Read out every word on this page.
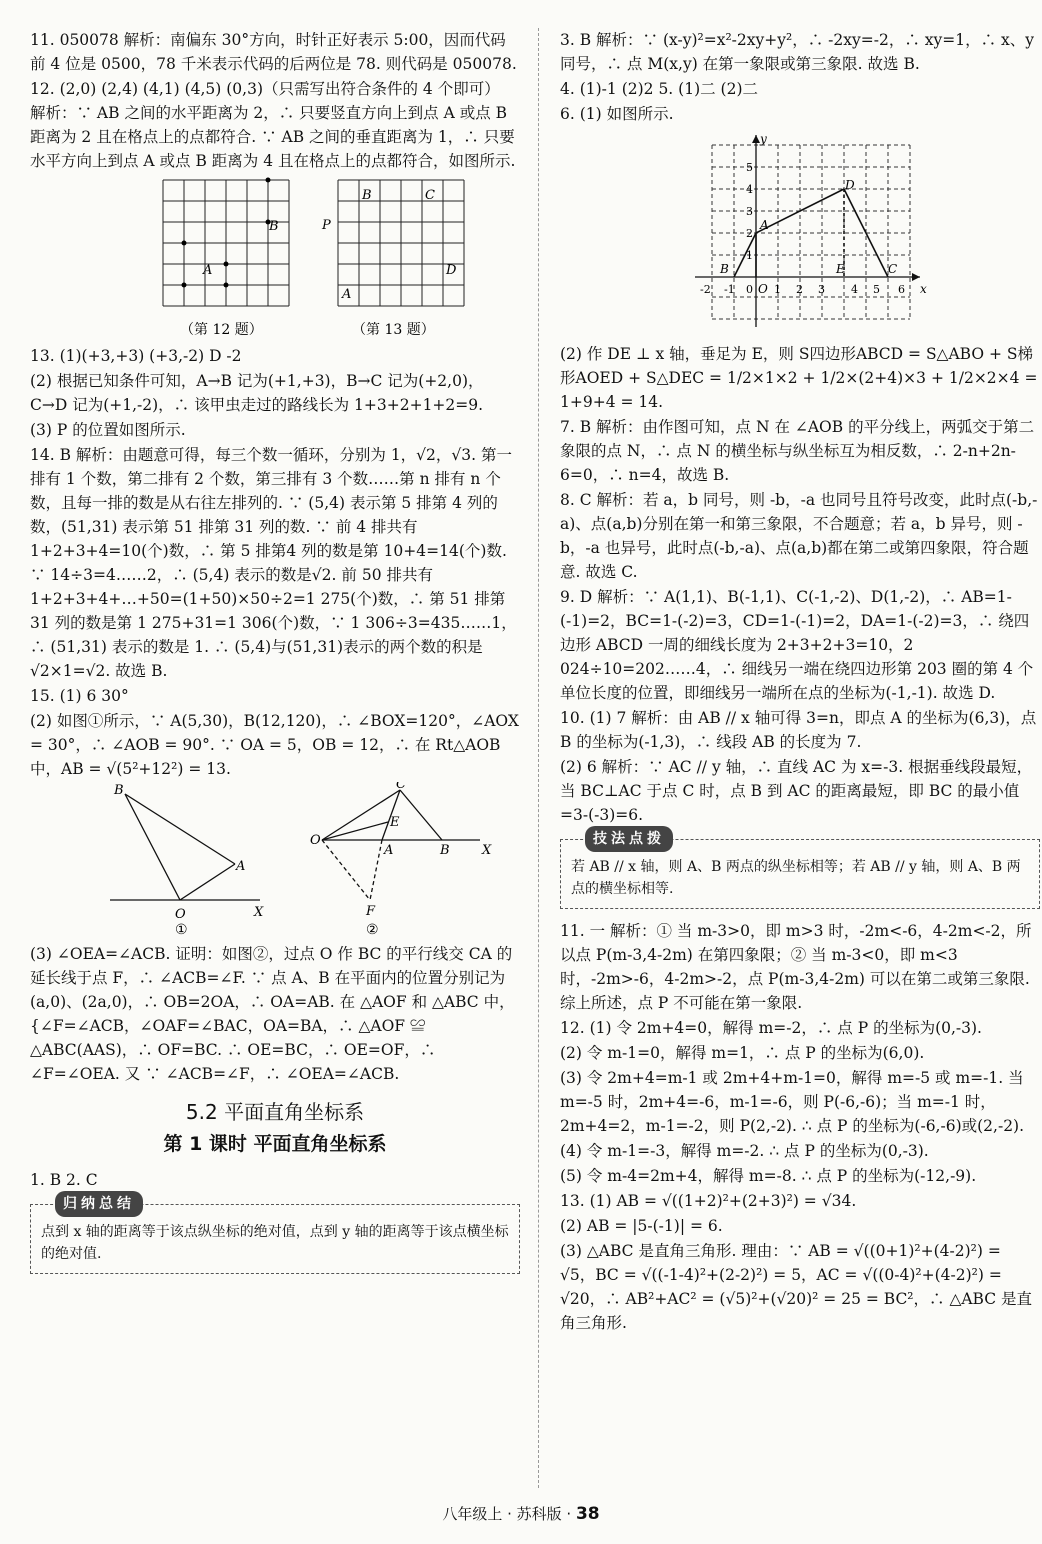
11. 050078 解析：南偏东 30°方向，时针正好表示 5:00，因而代码前 4 位是 0500，78 千米表示代码的后两位是 78. 则代码是 050078.

12. (2,0) (2,4) (4,1) (4,5) (0,3)（只需写出符合条件的 4 个即可） 解析：∵ AB 之间的水平距离为 2，∴ 只要竖直方向上到点 A 或点 B 距离为 2 且在格点上的点都符合. ∵ AB 之间的垂直距离为 1，∴ 只要水平方向上到点 A 或点 B 距离为 4 且在格点上的点都符合，如图所示.

B
A
B	C
P
D
A
（第 12 题）	（第 13 题）

13. (1)(+3,+3) (+3,-2) D -2

(2) 根据已知条件可知，A→B 记为(+1,+3)，B→C 记为(+2,0)，C→D 记为(+1,-2)，∴ 该甲虫走过的路线长为 1+3+2+1+2=9.

(3) P 的位置如图所示.

14. B 解析：由题意可得，每三个数一循环，分别为 1，√2，√3. 第一排有 1 个数，第二排有 2 个数，第三排有 3 个数……第 n 排有 n 个数，且每一排的数是从右往左排列的. ∵ (5,4) 表示第 5 排第 4 列的数，(51,31) 表示第 51 排第 31 列的数. ∵ 前 4 排共有 1+2+3+4=10(个)数，∴ 第 5 排第4 列的数是第 10+4=14(个)数. ∵ 14÷3=4……2，∴ (5,4) 表示的数是√2. 前 50 排共有 1+2+3+4+…+50=(1+50)×50÷2=1 275(个)数，∴ 第 51 排第 31 列的数是第 1 275+31=1 306(个)数，∵ 1 306÷3=435……1，∴ (51,31) 表示的数是 1. ∴ (5,4)与(51,31)表示的两个数的积是√2×1=√2. 故选 B.

15. (1) 6 30°

(2) 如图①所示，∵ A(5,30)，B(12,120)，∴ ∠BOX=120°，∠AOX = 30°，∴ ∠AOB = 90°. ∵ OA = 5，OB = 12，∴ 在 Rt△AOB 中，AB = √(5²+12²) = 13.

B
A
O	X
①
C
E
O
A	B X
F
②

(3) ∠OEA=∠ACB. 证明：如图②，过点 O 作 BC 的平行线交 CA 的延长线于点 F，∴ ∠ACB=∠F. ∵ 点 A、B 在平面内的位置分别记为(a,0)、(2a,0)，∴ OB=2OA，∴ OA=AB. 在 △AOF 和 △ABC 中，{∠F=∠ACB，∠OAF=∠BAC，OA=BA，∴ △AOF ≌ △ABC(AAS)，∴ OF=BC. ∴ OE=BC，∴ OE=OF，∴ ∠F=∠OEA. 又 ∵ ∠ACB=∠F，∴ ∠OEA=∠ACB.

5.2 平面直角坐标系
第 1 课时 平面直角坐标系

1. B 2. C

归纳总结
点到 x 轴的距离等于该点纵坐标的绝对值，点到 y 轴的距离等于该点横坐标的绝对值.

3. B 解析：∵ (x-y)²=x²-2xy+y²，∴ -2xy=-2，∴ xy=1，∴ x、y 同号，∴ 点 M(x,y) 在第一象限或第三象限. 故选 B.

4. (1)-1 (2)2 5. (1)二 (2)二

6. (1) 如图所示.

y
x
D
A
B
O
E	C
-2 -1 0 1 2 3 4 5 6
1
2
3
4
5

(2) 作 DE ⊥ x 轴，垂足为 E，则 S四边形ABCD = S△ABO + S梯形AOED + S△DEC = 1/2×1×2 + 1/2×(2+4)×3 + 1/2×2×4 = 1+9+4 = 14.

7. B 解析：由作图可知，点 N 在 ∠AOB 的平分线上，两弧交于第二象限的点 N，∴ 点 N 的横坐标与纵坐标互为相反数，∴ 2-n+2n-6=0，∴ n=4，故选 B.

8. C 解析：若 a，b 同号，则 -b，-a 也同号且符号改变，此时点(-b,-a)、点(a,b)分别在第一和第三象限，不合题意；若 a，b 异号，则 -b，-a 也异号，此时点(-b,-a)、点(a,b)都在第二或第四象限，符合题意. 故选 C.

9. D 解析：∵ A(1,1)、B(-1,1)、C(-1,-2)、D(1,-2)，∴ AB=1-(-1)=2，BC=1-(-2)=3，CD=1-(-1)=2，DA=1-(-2)=3，∴ 绕四边形 ABCD 一周的细线长度为 2+3+2+3=10，2 024÷10=202……4，∴ 细线另一端在绕四边形第 203 圈的第 4 个单位长度的位置，即细线另一端所在点的坐标为(-1,-1). 故选 D.

10. (1) 7 解析：由 AB // x 轴可得 3=n，即点 A 的坐标为(6,3)，点 B 的坐标为(-1,3)，∴ 线段 AB 的长度为 7.

(2) 6 解析：∵ AC // y 轴，∴ 直线 AC 为 x=-3. 根据垂线段最短，当 BC⊥AC 于点 C 时，点 B 到 AC 的距离最短，即 BC 的最小值=3-(-3)=6.

技法点拨
若 AB // x 轴，则 A、B 两点的纵坐标相等；若 AB // y 轴，则 A、B 两点的横坐标相等.

11. 一 解析：① 当 m-3>0，即 m>3 时，-2m<-6，4-2m<-2，所以点 P(m-3,4-2m) 在第四象限；② 当 m-3<0，即 m<3 时，-2m>-6，4-2m>-2，点 P(m-3,4-2m) 可以在第二或第三象限. 综上所述，点 P 不可能在第一象限.

12. (1) 令 2m+4=0，解得 m=-2，∴ 点 P 的坐标为(0,-3).

(2) 令 m-1=0，解得 m=1，∴ 点 P 的坐标为(6,0).

(3) 令 2m+4=m-1 或 2m+4+m-1=0，解得 m=-5 或 m=-1. 当 m=-5 时，2m+4=-6，m-1=-6，则 P(-6,-6)；当 m=-1 时，2m+4=2，m-1=-2，则 P(2,-2). ∴ 点 P 的坐标为(-6,-6)或(2,-2).

(4) 令 m-1=-3，解得 m=-2. ∴ 点 P 的坐标为(0,-3).

(5) 令 m-4=2m+4，解得 m=-8. ∴ 点 P 的坐标为(-12,-9).

13. (1) AB = √((1+2)²+(2+3)²) = √34.

(2) AB = |5-(-1)| = 6.

(3) △ABC 是直角三角形. 理由：∵ AB = √((0+1)²+(4-2)²) = √5，BC = √((-1-4)²+(2-2)²) = 5，AC = √((0-4)²+(4-2)²) = √20，∴ AB²+AC² = (√5)²+(√20)² = 25 = BC²，∴ △ABC 是直角三角形.

八年级上 · 苏科版 · 38
